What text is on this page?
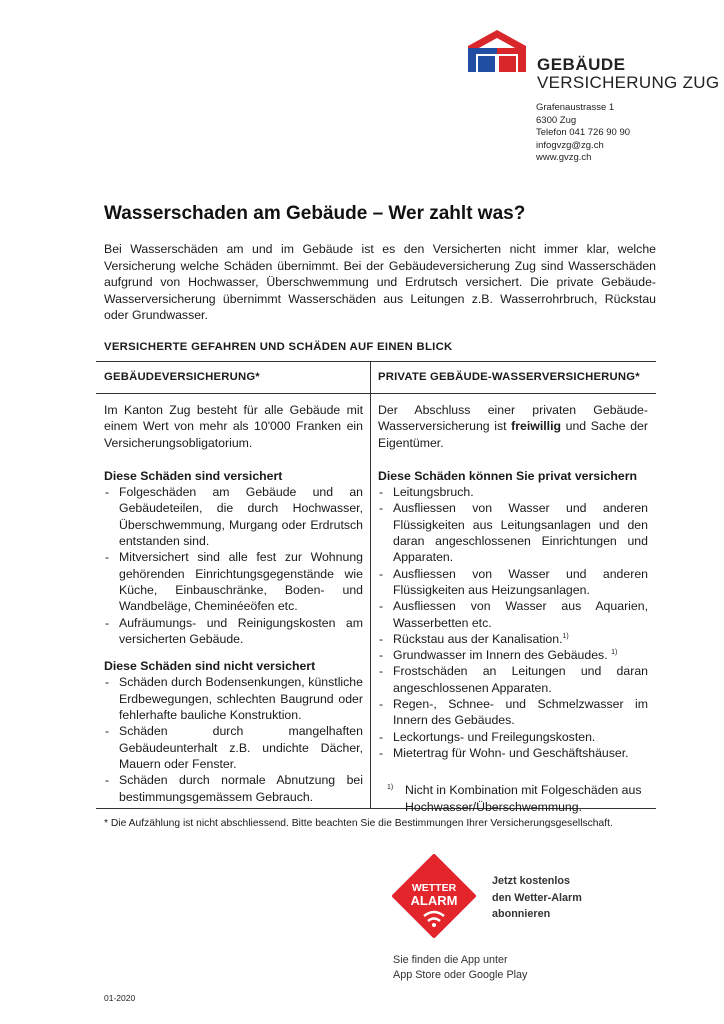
GEBÄUDE
VERSICHERUNG ZUG
Grafenaustrasse 1
6300 Zug
Telefon 041 726 90 90
infogvzg@zg.ch
www.gvzg.ch
Wasserschaden am Gebäude – Wer zahlt was?
Bei Wasserschäden am und im Gebäude ist es den Versicherten nicht immer klar, welche Versicherung welche Schäden übernimmt. Bei der Gebäudeversicherung Zug sind Wasserschäden aufgrund von Hochwasser, Überschwemmung und Erdrutsch versichert. Die private Gebäude-Wasserversicherung übernimmt Wasserschäden aus Leitungen z.B. Wasserrohrbruch, Rückstau oder Grundwasser.
VERSICHERTE GEFAHREN UND SCHÄDEN AUF EINEN BLICK
GEBÄUDEVERSICHERUNG*	PRIVATE GEBÄUDE-WASSERVERSICHERUNG*
Im Kanton Zug besteht für alle Gebäude mit einem Wert von mehr als 10'000 Franken ein Versicherungsobligatorium.
Diese Schäden sind versichert
- Folgeschäden am Gebäude und an Gebäudeteilen, die durch Hochwasser, Überschwemmung, Murgang oder Erdrutsch entstanden sind.
- Mitversichert sind alle fest zur Wohnung gehörenden Einrichtungsgegenstände wie Küche, Einbauschränke, Boden- und Wandbeläge, Cheminéeöfen etc.
- Aufräumungs- und Reinigungskosten am versicherten Gebäude.
Diese Schäden sind nicht versichert
- Schäden durch Bodensenkungen, künstliche Erdbewegungen, schlechten Baugrund oder fehlerhafte bauliche Konstruktion.
- Schäden durch mangelhaften Gebäudeunterhalt z.B. undichte Dächer, Mauern oder Fenster.
- Schäden durch normale Abnutzung bei bestimmungsgemässem Gebrauch.
Der Abschluss einer privaten Gebäude-Wasserversicherung ist freiwillig und Sache der Eigentümer.
Diese Schäden können Sie privat versichern
- Leitungsbruch.
- Ausfliessen von Wasser und anderen Flüssigkeiten aus Leitungsanlagen und den daran angeschlossenen Einrichtungen und Apparaten.
- Ausfliessen von Wasser und anderen Flüssigkeiten aus Heizungsanlagen.
- Ausfliessen von Wasser aus Aquarien, Wasserbetten etc.
- Rückstau aus der Kanalisation.$^{1)}$
- Grundwasser im Innern des Gebäudes. $^{1)}$
- Frostschäden an Leitungen und daran angeschlossenen Apparaten.
- Regen-, Schnee- und Schmelzwasser im Innern des Gebäudes.
- Leckortungs- und Freilegungskosten.
- Mietertrag für Wohn- und Geschäftshäuser.
1) Nicht in Kombination mit Folgeschäden aus Hochwasser/Überschwemmung.
* Die Aufzählung ist nicht abschliessend. Bitte beachten Sie die Bestimmungen Ihrer Versicherungsgesellschaft.
WETTER
ALARM
Jetzt kostenlos
den Wetter-Alarm
abonnieren
Sie finden die App unter
App Store oder Google Play
01-2020
